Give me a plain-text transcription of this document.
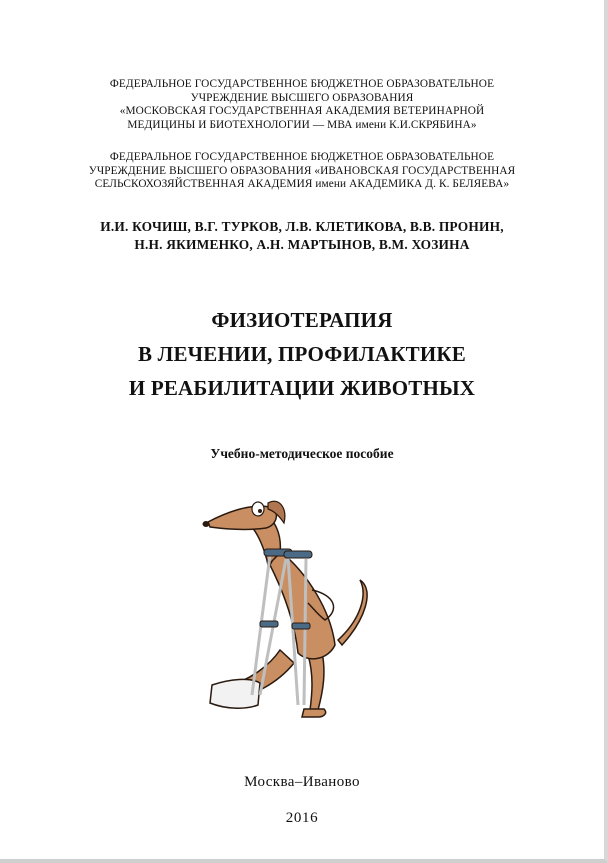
ФЕДЕРАЛЬНОЕ ГОСУДАРСТВЕННОЕ БЮДЖЕТНОЕ ОБРАЗОВАТЕЛЬНОЕ
УЧРЕЖДЕНИЕ ВЫСШЕГО ОБРАЗОВАНИЯ
«МОСКОВСКАЯ ГОСУДАРСТВЕННАЯ АКАДЕМИЯ ВЕТЕРИНАРНОЙ
МЕДИЦИНЫ И БИОТЕХНОЛОГИИ — МВА имени К.И.СКРЯБИНА»
ФЕДЕРАЛЬНОЕ ГОСУДАРСТВЕННОЕ БЮДЖЕТНОЕ ОБРАЗОВАТЕЛЬНОЕ
УЧРЕЖДЕНИЕ ВЫСШЕГО ОБРАЗОВАНИЯ «ИВАНОВСКАЯ ГОСУДАРСТВЕННАЯ
СЕЛЬСКОХОЗЯЙСТВЕННАЯ АКАДЕМИЯ имени АКАДЕМИКА Д. К. БЕЛЯЕВА»
И.И. КОЧИШ, В.Г. ТУРКОВ, Л.В. КЛЕТИКОВА, В.В. ПРОНИН,
Н.Н. ЯКИМЕНКО, А.Н. МАРТЫНОВ, В.М. ХОЗИНА
ФИЗИОТЕРАПИЯ
В ЛЕЧЕНИИ, ПРОФИЛАКТИКЕ
И РЕАБИЛИТАЦИИ ЖИВОТНЫХ
Учебно-методическое пособие
Москва–Иваново
2016
